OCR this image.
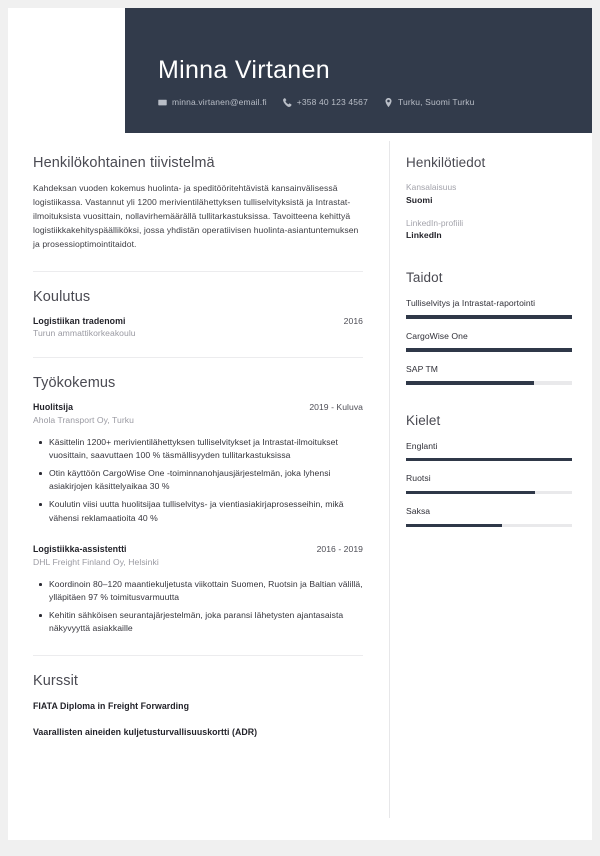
Minna Virtanen
minna.virtanen@email.fi	+358 40 123 4567	Turku, Suomi Turku
Henkilökohtainen tiivistelmä

Kahdeksan vuoden kokemus huolinta- ja speditööritehtävistä kansainvälisessä logistiikassa. Vastannut yli 1200 merivientilähettyksen tulliselvityksistä ja Intrastat-ilmoituksista vuosittain, nollavirhemäärällä tullitarkastuksissa. Tavoitteena kehittyä logistiikkakehityspäälliköksi, jossa yhdistän operatiivisen huolinta-asiantuntemuksen ja prosessioptimointitaidot.

Koulutus
Logistiikan tradenomi	2016
Turun ammattikorkeakoulu
Työkokemus
Huolitsija	2019 - Kuluva
Ahola Transport Oy, Turku
Käsittelin 1200+ merivientilähettyksen tulliselvitykset ja Intrastat-ilmoitukset vuosittain, saavuttaen 100 % täsmällisyyden tullitarkastuksissa
Otin käyttöön CargoWise One -toiminnanohjausjärjestelmän, joka lyhensi asiakirjojen käsittelyaikaa 30 %
Koulutin viisi uutta huolitsijaa tulliselvitys- ja vientiasiakirjaprosesseihin, mikä vähensi reklamaatioita 40 %
Logistiikka-assistentti	2016 - 2019
DHL Freight Finland Oy, Helsinki
Koordinoin 80–120 maantiekuljetusta viikottain Suomen, Ruotsin ja Baltian välillä, ylläpitäen 97 % toimitusvarmuutta
Kehitin sähköisen seurantajärjestelmän, joka paransi lähetysten ajantasaista näkyvyyttä asiakkaille
Kurssit
FIATA Diploma in Freight Forwarding
Vaarallisten aineiden kuljetusturvallisuuskortti (ADR)
Henkilötiedot
Kansalaisuus
Suomi
LinkedIn-profiili
LinkedIn
Taidot
Tulliselvitys ja Intrastat-raportointi
CargoWise One
SAP TM
Kielet
Englanti
Ruotsi
Saksa
